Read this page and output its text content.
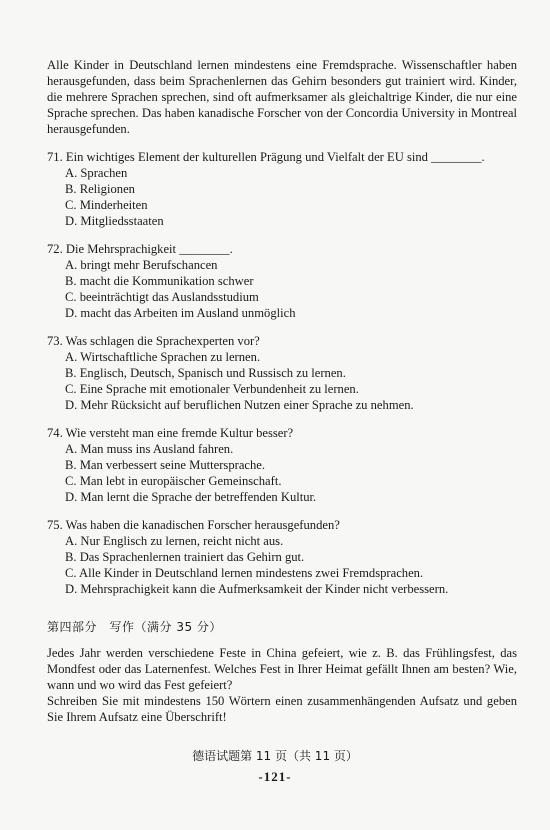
Alle Kinder in Deutschland lernen mindestens eine Fremdsprache. Wissenschaftler haben herausgefunden, dass beim Sprachenlernen das Gehirn besonders gut trainiert wird. Kinder, die mehrere Sprachen sprechen, sind oft aufmerksamer als gleichaltrige Kinder, die nur eine Sprache sprechen. Das haben kanadische Forscher von der Concordia University in Montreal herausgefunden.

71. Ein wichtiges Element der kulturellen Prägung und Vielfalt der EU sind ________.

A. Sprachen
B. Religionen
C. Minderheiten
D. Mitgliedsstaaten

72. Die Mehrsprachigkeit ________.

A. bringt mehr Berufschancen
B. macht die Kommunikation schwer
C. beeinträchtigt das Auslandsstudium
D. macht das Arbeiten im Ausland unmöglich

73. Was schlagen die Sprachexperten vor?

A. Wirtschaftliche Sprachen zu lernen.
B. Englisch, Deutsch, Spanisch und Russisch zu lernen.
C. Eine Sprache mit emotionaler Verbundenheit zu lernen.
D. Mehr Rücksicht auf beruflichen Nutzen einer Sprache zu nehmen.

74. Wie versteht man eine fremde Kultur besser?

A. Man muss ins Ausland fahren.
B. Man verbessert seine Muttersprache.
C. Man lebt in europäischer Gemeinschaft.
D. Man lernt die Sprache der betreffenden Kultur.

75. Was haben die kanadischen Forscher herausgefunden?

A. Nur Englisch zu lernen, reicht nicht aus.
B. Das Sprachenlernen trainiert das Gehirn gut.
C. Alle Kinder in Deutschland lernen mindestens zwei Fremdsprachen.
D. Mehrsprachigkeit kann die Aufmerksamkeit der Kinder nicht verbessern.
第四部分　写作（满分 35 分）

Jedes Jahr werden verschiedene Feste in China gefeiert, wie z. B. das Frühlingsfest, das Mondfest oder das Laternenfest. Welches Fest in Ihrer Heimat gefällt Ihnen am besten? Wie, wann und wo wird das Fest gefeiert?

Schreiben Sie mit mindestens 150 Wörtern einen zusammenhängenden Aufsatz und geben Sie Ihrem Aufsatz eine Überschrift!

德语试题第 11 页（共 11 页）
-121-
